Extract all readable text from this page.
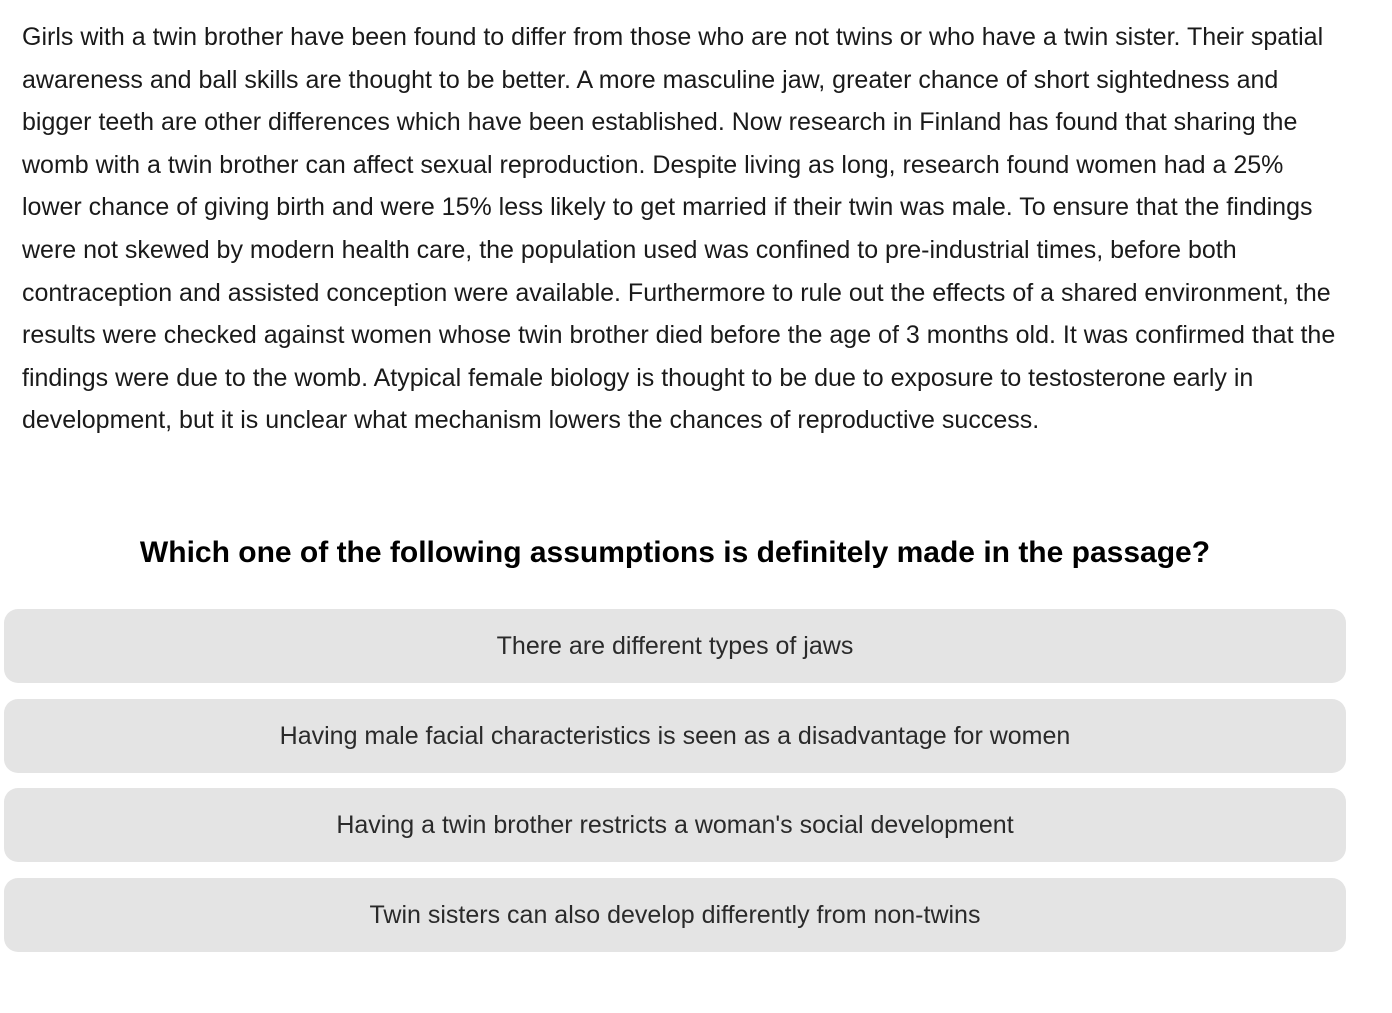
Girls with a twin brother have been found to differ from those who are not twins or who have a twin sister. Their spatial awareness and ball skills are thought to be better. A more masculine jaw, greater chance of short sightedness and bigger teeth are other differences which have been established. Now research in Finland has found that sharing the womb with a twin brother can affect sexual reproduction. Despite living as long, research found women had a 25% lower chance of giving birth and were 15% less likely to get married if their twin was male. To ensure that the findings were not skewed by modern health care, the population used was confined to pre-industrial times, before both contraception and assisted conception were available. Furthermore to rule out the effects of a shared environment, the results were checked against women whose twin brother died before the age of 3 months old. It was confirmed that the findings were due to the womb. Atypical female biology is thought to be due to exposure to testosterone early in development, but it is unclear what mechanism lowers the chances of reproductive success.
Which one of the following assumptions is definitely made in the passage?
There are different types of jaws
Having male facial characteristics is seen as a disadvantage for women
Having a twin brother restricts a woman's social development
Twin sisters can also develop differently from non-twins
